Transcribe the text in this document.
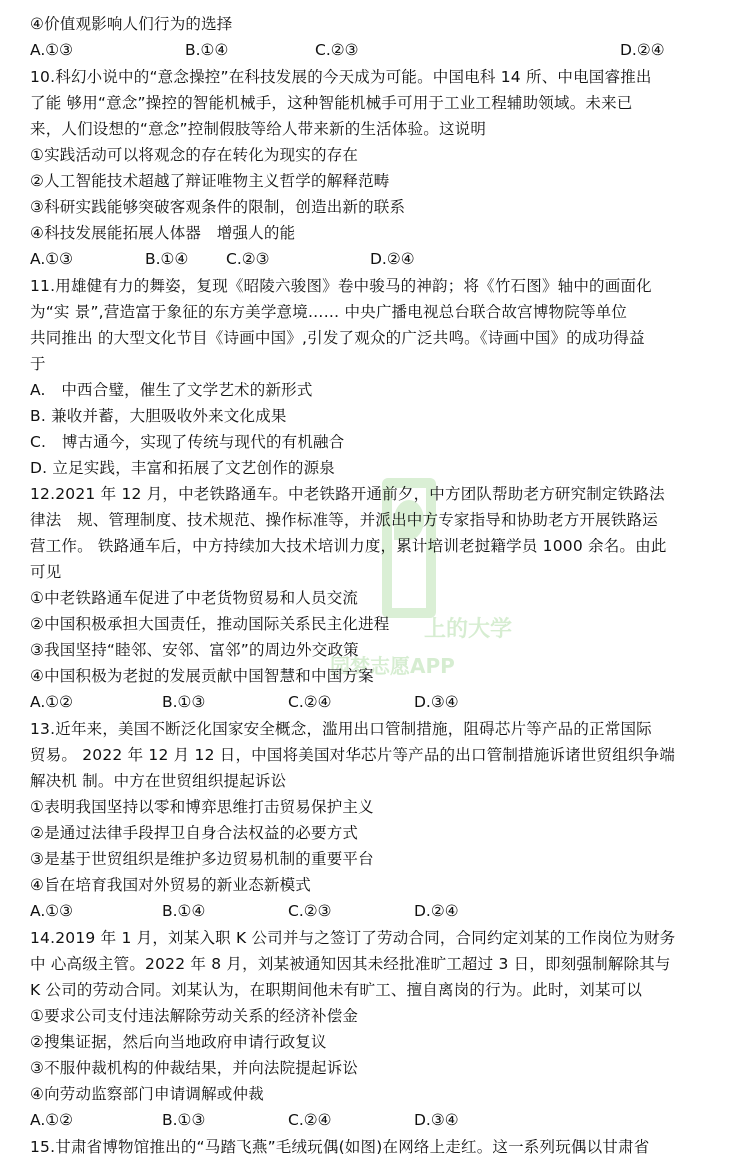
上的大学
园梦志愿APP
④价值观影响人们行为的选择
A.①③	B.①④	C.②③	D.②④
10.科幻小说中的“意念操控”在科技发展的今天成为可能。中国电科 14 所、中电国睿推出
了能 够用“意念”操控的智能机械手，这种智能机械手可用于工业工程辅助领域。未来已
来，人们设想的“意念”控制假肢等给人带来新的生活体验。这说明
①实践活动可以将观念的存在转化为现实的存在
②人工智能技术超越了辩证唯物主义哲学的解释范畴
③科研实践能够突破客观条件的限制，创造出新的联系
④科技发展能拓展人体器　增强人的能
A.①③	B.①④ C.②③	D.②④
11.用雄健有力的舞姿，复现《昭陵六骏图》卷中骏马的神韵；将《竹石图》轴中的画面化
为“实 景”,营造富于象征的东方美学意境…… 中央广播电视总台联合故宫博物院等单位
共同推出 的大型文化节目《诗画中国》,引发了观众的广泛共鸣。《诗画中国》的成功得益
于
A.　中西合璧，催生了文学艺术的新形式
B. 兼收并蓄，大胆吸收外来文化成果
C.　博古通今，实现了传统与现代的有机融合
D. 立足实践，丰富和拓展了文艺创作的源泉
12.2021 年 12 月，中老铁路通车。中老铁路开通前夕，中方团队帮助老方研究制定铁路法
律法　规、管理制度、技术规范、操作标准等，并派出中方专家指导和协助老方开展铁路运
营工作。 铁路通车后，中方持续加大技术培训力度，累计培训老挝籍学员 1000 余名。由此
可见
①中老铁路通车促进了中老货物贸易和人员交流
②中国积极承担大国责任，推动国际关系民主化进程
③我国坚持“睦邻、安邻、富邻”的周边外交政策
④中国积极为老挝的发展贡献中国智慧和中国方案
A.①②	B.①③	C.②④	D.③④
13.近年来，美国不断泛化国家安全概念，滥用出口管制措施，阻碍芯片等产品的正常国际
贸易。 2022 年 12 月 12 日，中国将美国对华芯片等产品的出口管制措施诉诸世贸组织争端
解决机 制。中方在世贸组织提起诉讼
①表明我国坚持以零和博弈思维打击贸易保护主义
②是通过法律手段捍卫自身合法权益的必要方式
③是基于世贸组织是维护多边贸易机制的重要平台
④旨在培育我国对外贸易的新业态新模式
A.①③	B.①④	C.②③	D.②④
14.2019 年 1 月，刘某入职 K 公司并与之签订了劳动合同，合同约定刘某的工作岗位为财务
中 心高级主管。2022 年 8 月，刘某被通知因其未经批准旷工超过 3 日，即刻强制解除其与
K 公司的劳动合同。刘某认为，在职期间他未有旷工、擅自离岗的行为。此时，刘某可以
①要求公司支付违法解除劳动关系的经济补偿金
②搜集证据，然后向当地政府申请行政复议
③不服仲裁机构的仲裁结果，并向法院提起诉讼
④向劳动监察部门申请调解或仲裁
A.①②	B.①③	C.②④	D.③④
15.甘肃省博物馆推出的“马踏飞燕”毛绒玩偶(如图)在网络上走红。这一系列玩偶以甘肃省
